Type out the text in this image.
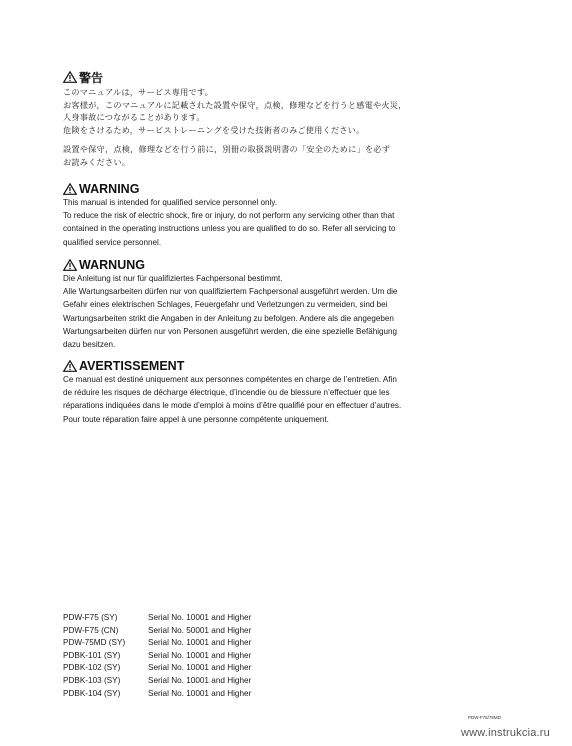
警告

このマニュアルは，サービス専用です。

お客様が，このマニュアルに記載された設置や保守，点検，修理などを行うと感電や火災，

人身事故につながることがあります。

危険をさけるため，サービストレーニングを受けた技術者のみご使用ください。

設置や保守，点検，修理などを行う前に，別冊の取扱説明書の「安全のために」を必ず

お読みください。

WARNING

This manual is intended for qualified service personnel only.

To reduce the risk of electric shock, fire or injury, do not perform any servicing other than that

contained in the operating instructions unless you are qualified to do so. Refer all servicing to

qualified service personnel.

WARNUNG

Die Anleitung ist nur für qualifiziertes Fachpersonal bestimmt.

Alle Wartungsarbeiten dürfen nur von qualifiziertem Fachpersonal ausgeführt werden. Um die

Gefahr eines elektrischen Schlages, Feuergefahr und Verletzungen zu vermeiden, sind bei

Wartungsarbeiten strikt die Angaben in der Anleitung zu befolgen. Andere als die angegeben

Wartungsarbeiten dürfen nur von Personen ausgeführt werden, die eine spezielle Befähigung

dazu besitzen.

AVERTISSEMENT

Ce manual est destiné uniquement aux personnes compétentes en charge de l’entretien. Afin

de réduire les risques de décharge électrique, d’incendie ou de blessure n’effectuer que les

réparations indiquées dans le mode d’emploi à moins d’être qualifié pour en effectuer d’autres.

Pour toute réparation faire appel à une personne compétente uniquement.

PDW-F75 (SY)	Serial No. 10001 and Higher
PDW-F75 (CN)	Serial No. 50001 and Higher
PDW-75MD (SY)	Serial No. 10001 and Higher
PDBK-101 (SY)	Serial No. 10001 and Higher
PDBK-102 (SY)	Serial No. 10001 and Higher
PDBK-103 (SY)	Serial No. 10001 and Higher
PDBK-104 (SY)	Serial No. 10001 and Higher
PDW-F75/75MD
www.instrukcia.ru
